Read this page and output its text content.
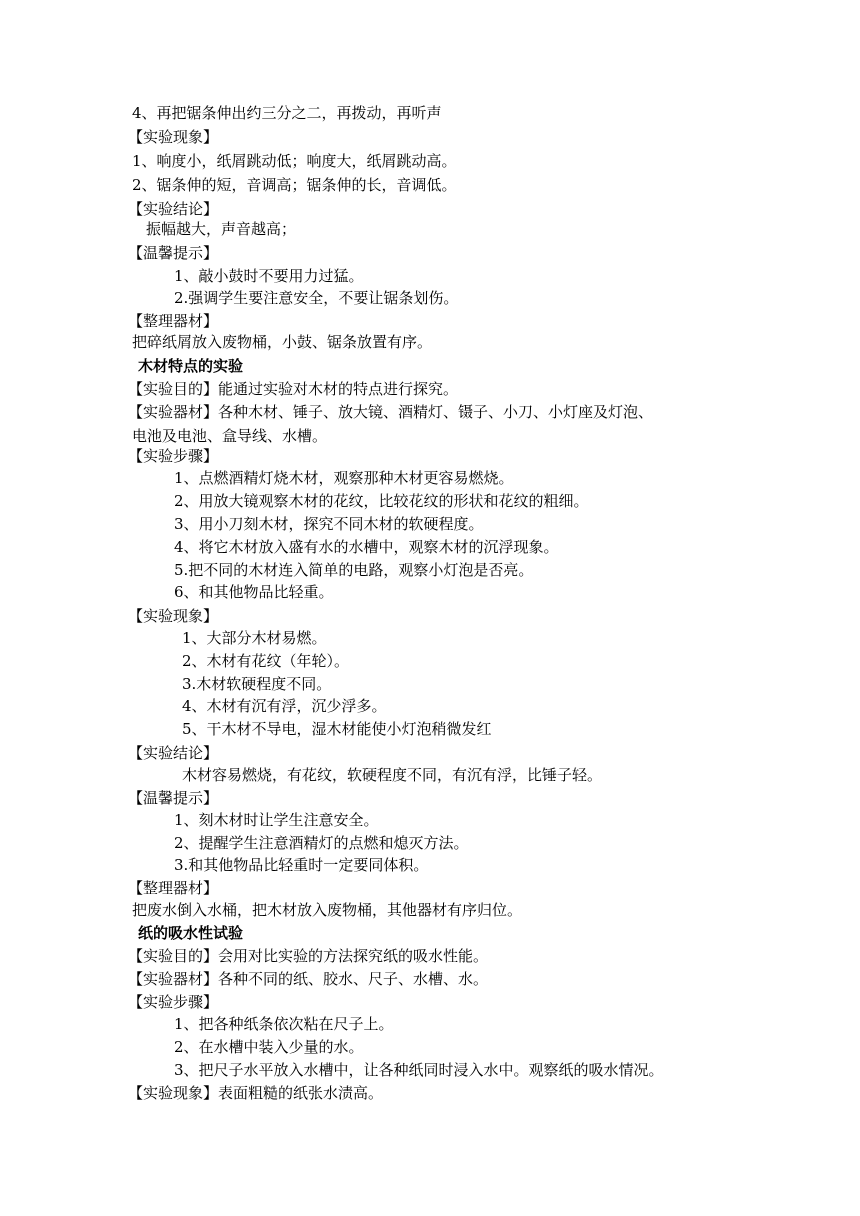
4、再把锯条伸出约三分之二，再拨动，再听声
【实验现象】
1、响度小，纸屑跳动低；响度大，纸屑跳动高。
2、锯条伸的短，音调高；锯条伸的长，音调低。
【实验结论】
振幅越大，声音越高；
【温馨提示】
1、敲小鼓时不要用力过猛。
2.强调学生要注意安全，不要让锯条划伤。
【整理器材】
把碎纸屑放入废物桶，小鼓、锯条放置有序。
木材特点的实验
【实验目的】能通过实验对木材的特点进行探究。
【实验器材】各种木材、锤子、放大镜、酒精灯、镊子、小刀、小灯座及灯泡、
电池及电池、盒导线、水槽。
【实验步骤】
1、点燃酒精灯烧木材，观察那种木材更容易燃烧。
2、用放大镜观察木材的花纹，比较花纹的形状和花纹的粗细。
3、用小刀刻木材，探究不同木材的软硬程度。
4、将它木材放入盛有水的水槽中，观察木材的沉浮现象。
5.把不同的木材连入简单的电路，观察小灯泡是否亮。
6、和其他物品比轻重。
【实验现象】
1、大部分木材易燃。
2、木材有花纹（年轮）。
3.木材软硬程度不同。
4、木材有沉有浮，沉少浮多。
5、干木材不导电，湿木材能使小灯泡稍微发红
【实验结论】
木材容易燃烧，有花纹，软硬程度不同，有沉有浮，比锤子轻。
【温馨提示】
1、刻木材时让学生注意安全。
2、提醒学生注意酒精灯的点燃和熄灭方法。
3.和其他物品比轻重时一定要同体积。
【整理器材】
把废水倒入水桶，把木材放入废物桶，其他器材有序归位。
纸的吸水性试验
【实验目的】会用对比实验的方法探究纸的吸水性能。
【实验器材】各种不同的纸、胶水、尺子、水槽、水。
【实验步骤】
1、把各种纸条依次粘在尺子上。
2、在水槽中装入少量的水。
3、把尺子水平放入水槽中，让各种纸同时浸入水中。观察纸的吸水情况。
【实验现象】表面粗糙的纸张水渍高。
